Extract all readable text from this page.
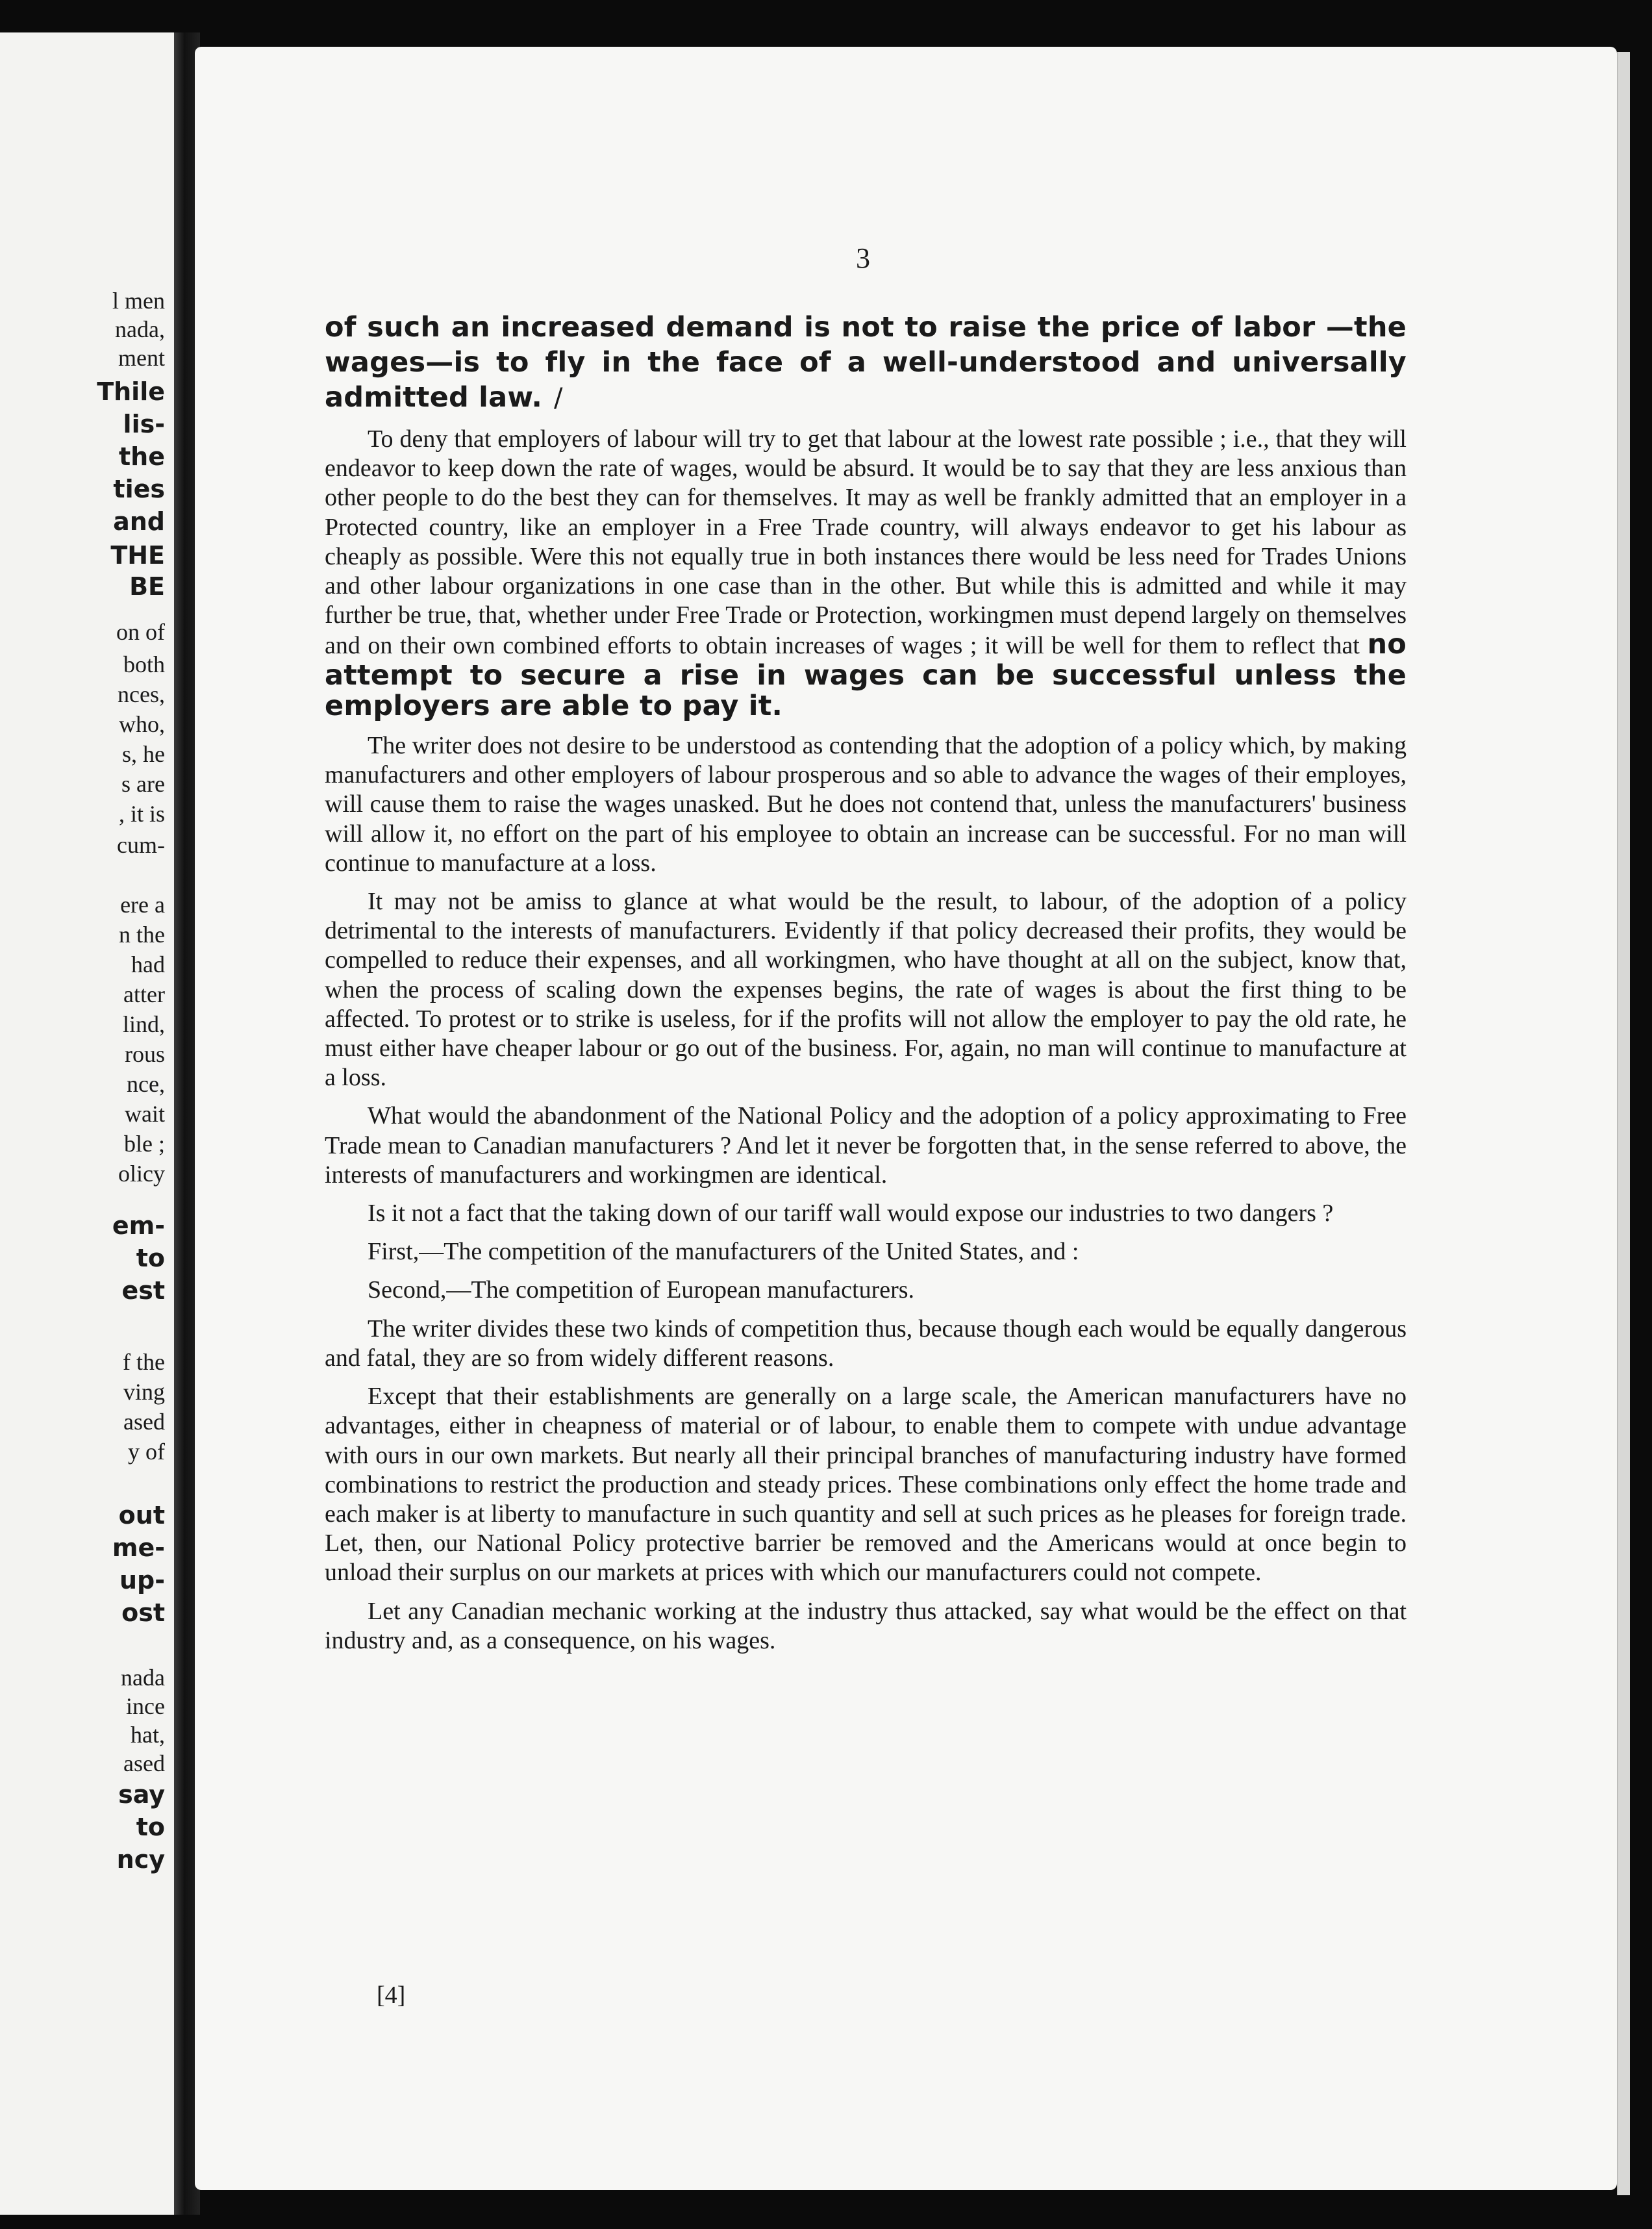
l men
nada,
ment
Thile
lis-
the
ties
and
THE
BE
on of
both
nces,
who,
s, he
s are
, it is
cum-
ere a
n the
had
atter
lind,
rous
nce,
wait
ble ;
olicy
em-
to
est
f the
ving
ased
y of
out
me-
up-
ost
nada
ince
hat,
ased
say
to
ncy
3

of such an increased demand is not to raise the price of labor —the wages—is to fly in the face of a well-understood and universally admitted law. /

To deny that employers of labour will try to get that labour at the lowest rate possible ; i.e., that they will endeavor to keep down the rate of wages, would be absurd. It would be to say that they are less anxious than other people to do the best they can for themselves. It may as well be frankly admitted that an employer in a Protected country, like an employer in a Free Trade country, will always endeavor to get his labour as cheaply as possible. Were this not equally true in both instances there would be less need for Trades Unions and other labour organizations in one case than in the other. But while this is admitted and while it may further be true, that, whether under Free Trade or Protection, workingmen must depend largely on themselves and on their own combined efforts to obtain increases of wages ; it will be well for them to reflect that no attempt to secure a rise in wages can be successful unless the employers are able to pay it.

The writer does not desire to be understood as contending that the adoption of a policy which, by making manufacturers and other employers of labour prosperous and so able to advance the wages of their employes, will cause them to raise the wages unasked. But he does not contend that, unless the manufacturers' business will allow it, no effort on the part of his employee to obtain an increase can be successful. For no man will continue to manufacture at a loss.

It may not be amiss to glance at what would be the result, to labour, of the adoption of a policy detrimental to the interests of manufacturers. Evidently if that policy decreased their profits, they would be compelled to reduce their expenses, and all workingmen, who have thought at all on the subject, know that, when the process of scaling down the expenses begins, the rate of wages is about the first thing to be affected. To protest or to strike is useless, for if the profits will not allow the employer to pay the old rate, he must either have cheaper labour or go out of the business. For, again, no man will continue to manufacture at a loss.

What would the abandonment of the National Policy and the adoption of a policy approximating to Free Trade mean to Canadian manufacturers ? And let it never be forgotten that, in the sense referred to above, the interests of manufacturers and workingmen are identical.

Is it not a fact that the taking down of our tariff wall would expose our industries to two dangers ?

First,—The competition of the manufacturers of the United States, and :

Second,—The competition of European manufacturers.

The writer divides these two kinds of competition thus, because though each would be equally dangerous and fatal, they are so from widely different reasons.

Except that their establishments are generally on a large scale, the American manufacturers have no advantages, either in cheapness of material or of labour, to enable them to compete with undue advantage with ours in our own markets. But nearly all their principal branches of manufacturing industry have formed combinations to restrict the production and steady prices. These combinations only effect the home trade and each maker is at liberty to manufacture in such quantity and sell at such prices as he pleases for foreign trade. Let, then, our National Policy protective barrier be removed and the Americans would at once begin to unload their surplus on our markets at prices with which our manufacturers could not compete.

Let any Canadian mechanic working at the industry thus attacked, say what would be the effect on that industry and, as a consequence, on his wages.

[4]
